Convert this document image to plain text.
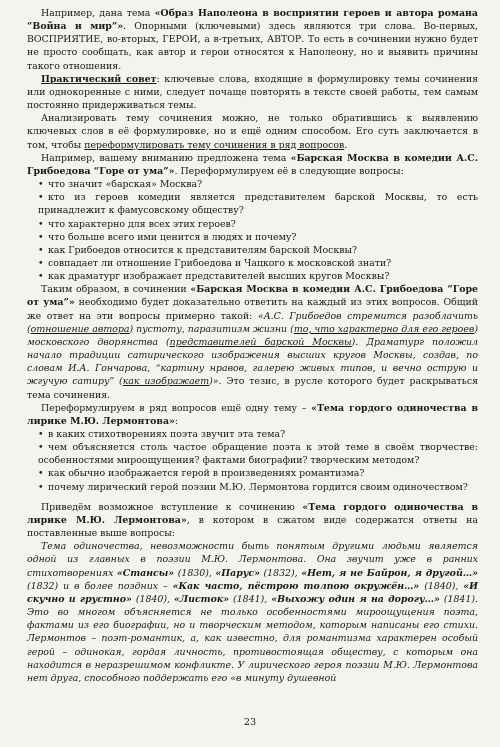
Например, дана тема «Образ Наполеона в восприятии героев и автора романа “Война и мир”». Опорными (ключевыми) здесь являются три слова. Во-первых, ВОСПРИЯТИЕ, во-вторых, ГЕРОИ, а в-третьих, АВТОР. То есть в сочинении нужно будет не просто сообщать, как автор и герои относятся к Наполеону, но и выявить причины такого отношения.

Практический совет: ключевые слова, входящие в формулировку темы сочинения или однокоренные с ними, следует почаще повторять в тексте своей работы, тем самым постоянно придерживаться темы.

Анализировать тему сочинения можно, не только обратившись к выявлению ключевых слов в её формулировке, но и ещё одним способом. Его суть заключается в том, чтобы переформулировать тему сочинения в ряд вопросов.

Например, вашему вниманию предложена тема «Барская Москва в комедии А.С. Грибоедова “Горе от ума”». Переформулируем её в следующие вопросы:

• что значит «барская» Москва?

• кто из героев комедии является представителем барской Москвы, то есть принадлежит к фамусовскому обществу?

• что характерно для всех этих героев?

• что больше всего ими ценится в людях и почему?

• как Грибоедов относится к представителям барской Москвы?

• совпадает ли отношение Грибоедова и Чацкого к московской знати?

• как драматург изображает представителей высших кругов Москвы?

Таким образом, в сочинении «Барская Москва в комедии А.С. Грибоедова “Горе от ума”» необходимо будет доказательно ответить на каждый из этих вопросов. Общий же ответ на эти вопросы примерно такой: «А.С. Грибоедов стремится разоблачить (отношение автора) пустоту, паразитизм жизни (то, что характерно для его героев) московского дворянства (представителей барской Москвы). Драматург положил начало традиции сатирического изображения высших кругов Москвы, создав, по словам И.А. Гончарова, “картину нравов, галерею живых типов, и вечно острую и жгучую сатиру” (как изображает)». Это тезис, в русле которого будет раскрываться тема сочинения.

Переформулируем в ряд вопросов ещё одну тему – «Тема гордого одиночества в лирике М.Ю. Лермонтова»:

• в каких стихотворениях поэта звучит эта тема?

• чем объясняется столь частое обращение поэта к этой теме в своём творчестве: особенностями мироощущения? фактами биографии? творческим методом?

• как обычно изображается герой в произведениях романтизма?

• почему лирический герой поэзии М.Ю. Лермонтова гордится своим одиночеством?

Приведём возможное вступление к сочинению «Тема гордого одиночества в лирике М.Ю. Лермонтова», в котором в сжатом виде содержатся ответы на поставленные выше вопросы:

Тема одиночества, невозможности быть понятым другими людьми является одной из главных в поэзии М.Ю. Лермонтова. Она звучит уже в ранних стихотворениях «Стансы» (1830), «Парус» (1832), «Нет, я не Байрон, я другой…» (1832) и в более поздних – «Как часто, пёстрою толпою окружён…» (1840), «И скучно и грустно» (1840), «Листок» (1841), «Выхожу один я на дорогу…» (1841). Это во многом объясняется не только особенностями мироощущения поэта, фактами из его биографии, но и творческим методом, которым написаны его стихи. Лермонтов – поэт-романтик, а, как известно, для романтизма характерен особый герой – одинокая, гордая личность, противостоящая обществу, с которым она находится в неразрешимом конфликте. У лирического героя поэзии М.Ю. Лермонтова нет друга, способного поддержать его «в минуту душевной

23
